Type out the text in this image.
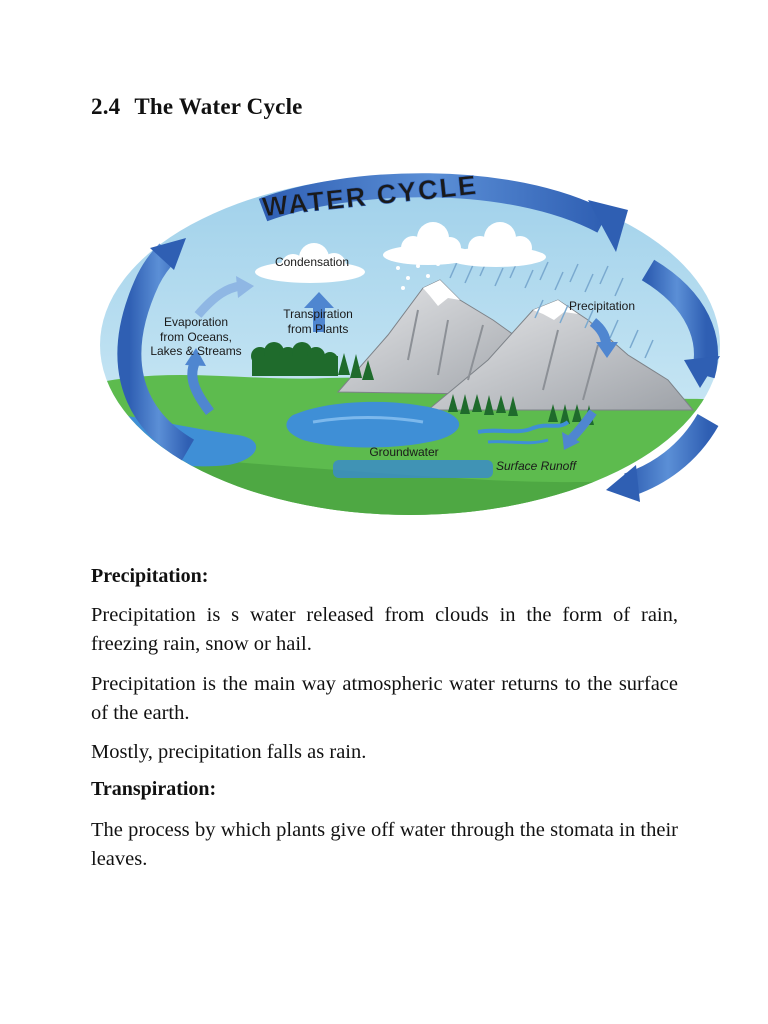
2.4 The Water Cycle
WATER CYCLE
Condensation
Transpiration
from Plants
Evaporation
from Oceans,
Lakes & Streams
Precipitation
Groundwater
Surface Runoff
Precipitation:

Precipitation is s water released from clouds in the form of rain, freezing rain, snow or hail.

Precipitation is the main way atmospheric water returns to the surface of the earth.

Mostly, precipitation falls as rain.

Transpiration:

The process by which plants give off water through the stomata in their leaves.
